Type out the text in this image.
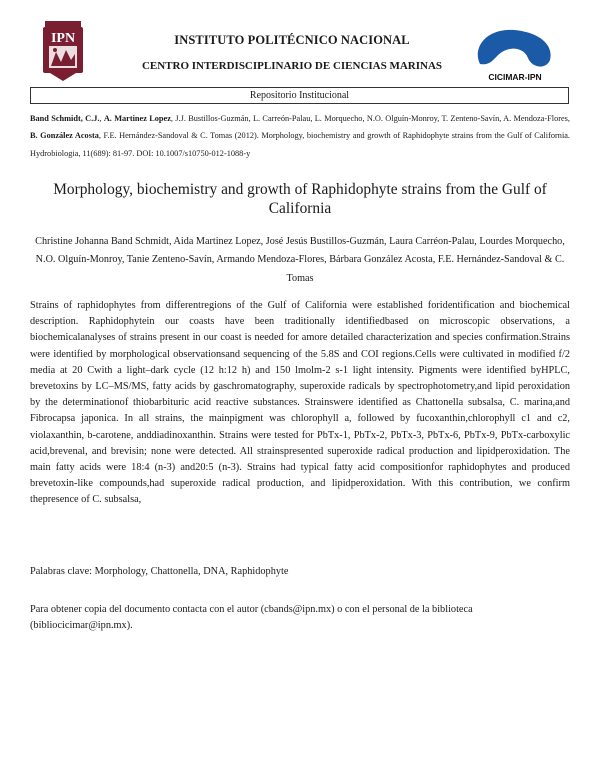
IPN	INSTITUTO POLITÉCNICO NACIONAL
CENTRO INTERDISCIPLINARIO DE CIENCIAS MARINAS
CICIMAR-IPN
Repositorio Institucional
Band Schmidt, C.J., A. Martinez Lopez, J.J. Bustillos-Guzmán, L. Carreón-Palau, L. Morquecho, N.O. Olguín-Monroy, T. Zenteno-Savín, A. Mendoza-Flores, B. González Acosta, F.E. Hernández-Sandoval & C. Tomas (2012). Morphology, biochemistry and growth of Raphidophyte strains from the Gulf of California. Hydrobiologia, 11(689): 81-97. DOI: 10.1007/s10750-012-1088-y
Morphology, biochemistry and growth of Raphidophyte strains from the Gulf of California
Christine Johanna Band Schmidt, Aida Martinez Lopez, José Jesús Bustillos-Guzmán, Laura Carréon-Palau, Lourdes Morquecho, N.O. Olguín-Monroy, Tanie Zenteno-Savín, Armando Mendoza-Flores, Bárbara González Acosta, F.E. Hernández-Sandoval & C. Tomas
Strains of raphidophytes from differentregions of the Gulf of California were established foridentification and biochemical description. Raphidophytein our coasts have been traditionally identifiedbased on microscopic observations, a biochemicalanalyses of strains present in our coast is needed for amore detailed characterization and species confirmation.Strains were identified by morphological observationsand sequencing of the 5.8S and COI regions.Cells were cultivated in modified f/2 media at 20 Cwith a light–dark cycle (12 h:12 h) and 150 lmolm-2 s-1 light intensity. Pigments were identified byHPLC, brevetoxins by LC–MS/MS, fatty acids by gaschromatography, superoxide radicals by spectrophotometry,and lipid peroxidation by the determinationof thiobarbituric acid reactive substances. Strainswere identified as Chattonella subsalsa, C. marina,and Fibrocapsa japonica. In all strains, the mainpigment was chlorophyll a, followed by fucoxanthin,chlorophyll c1 and c2, violaxanthin, b-carotene, anddiadinoxanthin. Strains were tested for PbTx-1, PbTx-2, PbTx-3, PbTx-6, PbTx-9, PbTx-carboxylic acid,brevenal, and brevisin; none were detected. All strainspresented superoxide radical production and lipidperoxidation. The main fatty acids were 18:4 (n-3) and20:5 (n-3). Strains had typical fatty acid compositionfor raphidophytes and produced brevetoxin-like compounds,had superoxide radical production, and lipidperoxidation. With this contribution, we confirm thepresence of C. subsalsa,
Palabras clave: Morphology, Chattonella, DNA, Raphidophyte
Para obtener copia del documento contacta con el autor (cbands@ipn.mx) o con el personal de la biblioteca (bibliocicimar@ipn.mx).
